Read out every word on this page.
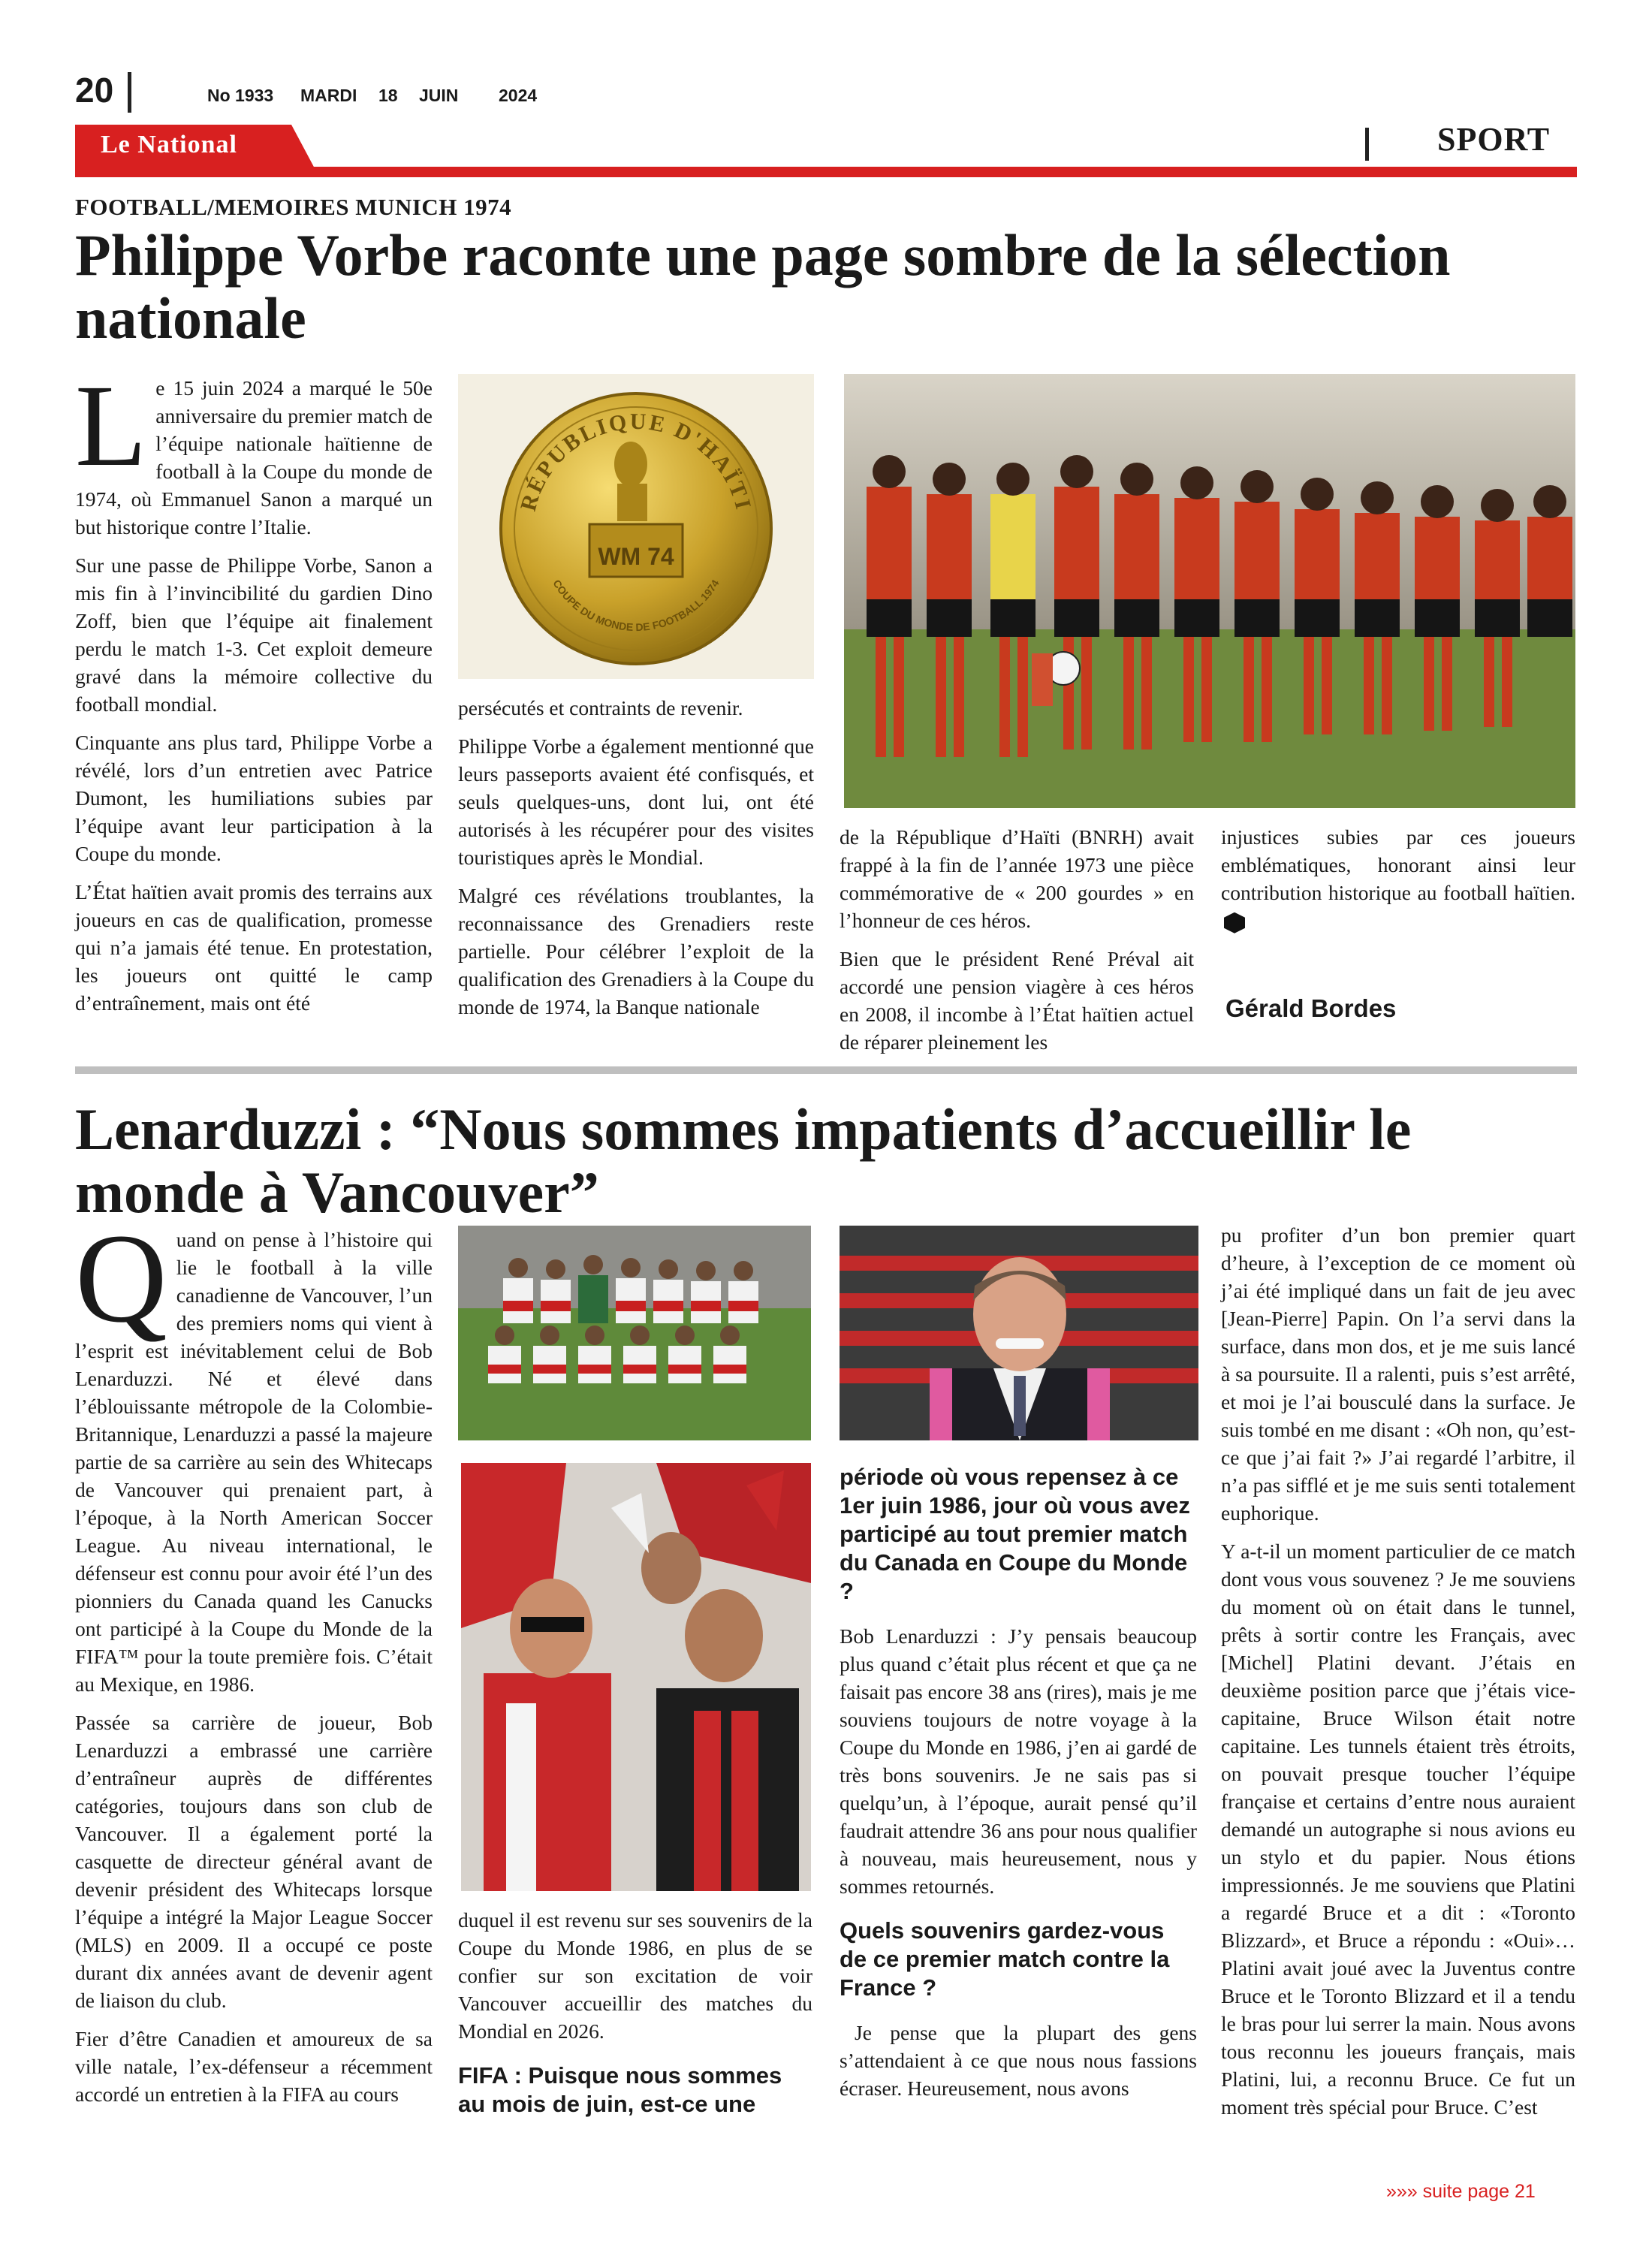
20	No 1933 MARDI 18 JUIN 2024
Le National	SPORT
FOOTBALL/MEMOIRES MUNICH 1974
Philippe Vorbe raconte une page sombre de la sélection nationale

Le 15 juin 2024 a marqué le 50e anniversaire du premier match de l’équipe nationale haïtienne de football à la Coupe du monde de 1974, où Emmanuel Sanon a marqué un but historique contre l’Italie.

Sur une passe de Philippe Vorbe, Sanon a mis fin à l’invincibilité du gardien Dino Zoff, bien que l’équipe ait finalement perdu le match 1-3. Cet exploit demeure gravé dans la mémoire collective du football mondial.

Cinquante ans plus tard, Philippe Vorbe a révélé, lors d’un entretien avec Patrice Dumont, les humiliations subies par l’équipe avant leur participation à la Coupe du monde.

L’État haïtien avait promis des terrains aux joueurs en cas de qualification, promesse qui n’a jamais été tenue. En protestation, les joueurs ont quitté le camp d’entraînement, mais ont été

RÉPUBLIQUE D'HAÏTI
COUPE DU MONDE DE FOOTBALL 1974
WM 74

persécutés et contraints de revenir.

Philippe Vorbe a également mentionné que leurs passeports avaient été confisqués, et seuls quelques-uns, dont lui, ont été autorisés à les récupérer pour des visites touristiques après le Mondial.

Malgré ces révélations troublantes, la reconnaissance des Grenadiers reste partielle. Pour célébrer l’exploit de la qualification des Grenadiers à la Coupe du monde de 1974, la Banque nationale

de la République d’Haïti (BNRH) avait frappé à la fin de l’année 1973 une pièce commémorative de « 200 gourdes » en l’honneur de ces héros.

Bien que le président René Préval ait accordé une pension viagère à ces héros en 2008, il incombe à l’État haïtien actuel de réparer pleinement les

injustices subies par ces joueurs emblématiques, honorant ainsi leur contribution historique au football haïtien.

Gérald Bordes
Lenarduzzi : “Nous sommes impatients d’accueillir le monde à Vancouver”

Quand on pense à l’histoire qui lie le football à la ville canadienne de Vancouver, l’un des premiers noms qui vient à l’esprit est inévitablement celui de Bob Lenarduzzi. Né et élevé dans l’éblouissante métropole de la Colombie-Britannique, Lenarduzzi a passé la majeure partie de sa carrière au sein des Whitecaps de Vancouver qui prenaient part, à l’époque, à la North American Soccer League. Au niveau international, le défenseur est connu pour avoir été l’un des pionniers du Canada quand les Canucks ont participé à la Coupe du Monde de la FIFA™ pour la toute première fois. C’était au Mexique, en 1986.

Passée sa carrière de joueur, Bob Lenarduzzi a embrassé une carrière d’entraîneur auprès de différentes catégories, toujours dans son club de Vancouver. Il a également porté la casquette de directeur général avant de devenir président des Whitecaps lorsque l’équipe a intégré la Major League Soccer (MLS) en 2009. Il a occupé ce poste durant dix années avant de devenir agent de liaison du club.

Fier d’être Canadien et amoureux de sa ville natale, l’ex-défenseur a récemment accordé un entretien à la FIFA au cours

duquel il est revenu sur ses souvenirs de la Coupe du Monde 1986, en plus de se confier sur son excitation de voir Vancouver accueillir des matches du Mondial en 2026.

FIFA : Puisque nous sommes au mois de juin, est-ce une

période où vous repensez à ce 1er juin 1986, jour où vous avez participé au tout premier match du Canada en Coupe du Monde ?

Bob Lenarduzzi : J’y pensais beaucoup plus quand c’était plus récent et que ça ne faisait pas encore 38 ans (rires), mais je me souviens toujours de notre voyage à la Coupe du Monde en 1986, j’en ai gardé de très bons souvenirs. Je ne sais pas si quelqu’un, à l’époque, aurait pensé qu’il faudrait attendre 36 ans pour nous qualifier à nouveau, mais heureusement, nous y sommes retournés.

Quels souvenirs gardez-vous de ce premier match contre la France ?

Je pense que la plupart des gens s’attendaient à ce que nous nous fassions écraser. Heureusement, nous avons

pu profiter d’un bon premier quart d’heure, à l’exception de ce moment où j’ai été impliqué dans un fait de jeu avec [Jean-Pierre] Papin. On l’a servi dans la surface, dans mon dos, et je me suis lancé à sa poursuite. Il a ralenti, puis s’est arrêté, et moi je l’ai bousculé dans la surface. Je suis tombé en me disant : «Oh non, qu’est-ce que j’ai fait ?» J’ai regardé l’arbitre, il n’a pas sifflé et je me suis senti totalement euphorique.

Y a-t-il un moment particulier de ce match dont vous vous souvenez ? Je me souviens du moment où on était dans le tunnel, prêts à sortir contre les Français, avec [Michel] Platini devant. J’étais en deuxième position parce que j’étais vice-capitaine, Bruce Wilson était notre capitaine. Les tunnels étaient très étroits, on pouvait presque toucher l’équipe française et certains d’entre nous auraient demandé un autographe si nous avions eu un stylo et du papier. Nous étions impressionnés. Je me souviens que Platini a regardé Bruce et a dit : «Toronto Blizzard», et Bruce a répondu : «Oui»… Platini avait joué avec la Juventus contre Bruce et le Toronto Blizzard et il a tendu le bras pour lui serrer la main. Nous avons tous reconnu les joueurs français, mais Platini, lui, a reconnu Bruce. Ce fut un moment très spécial pour Bruce. C’est

»»» suite page 21
